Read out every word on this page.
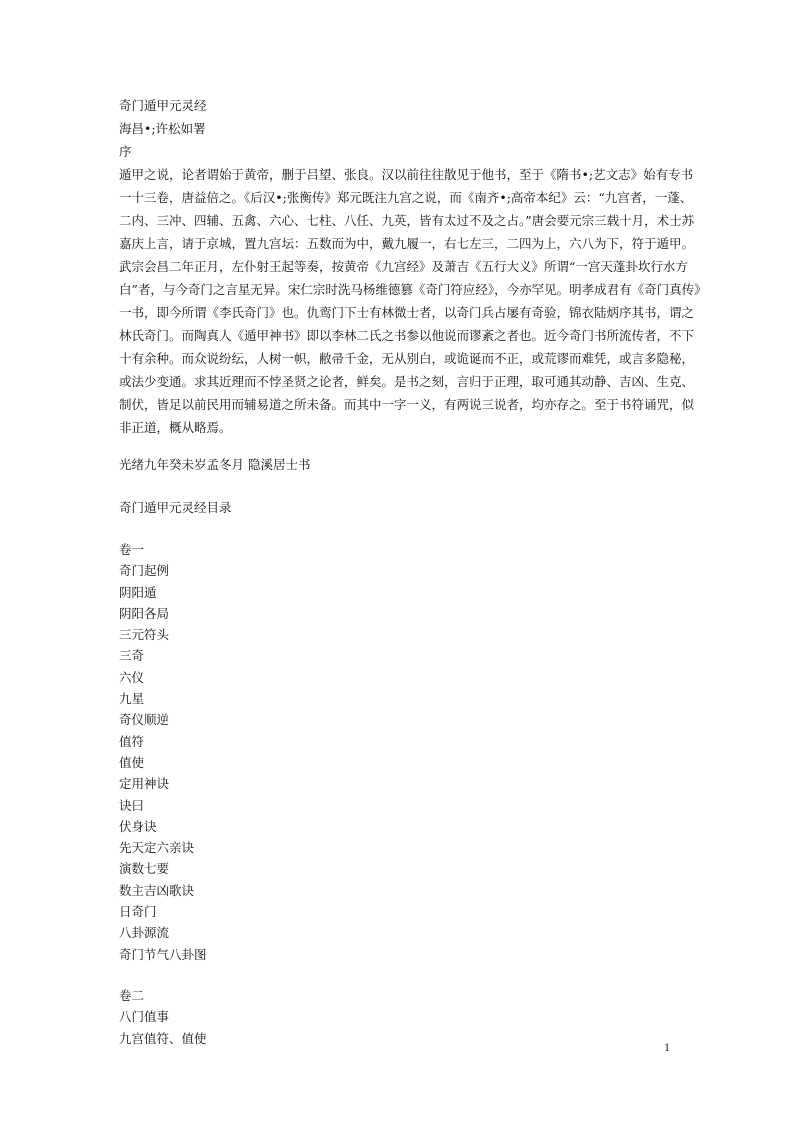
奇门遁甲元灵经
海昌•;许松如署
序
遁甲之说，论者谓始于黄帝，删于吕望、张良。汉以前往往散见于他书，至于《隋书•;艺文志》始有专书
一十三卷，唐益倍之。《后汉•;张衡传》郑元既注九宫之说，而《南齐•;高帝本纪》云：“九宫者，一蓬、
二内、三冲、四辅、五禽、六心、七柱、八任、九英，皆有太过不及之占。”唐会要元宗三载十月，术士苏
嘉庆上言，请于京城，置九宫坛：五数而为中，戴九履一，右七左三，二四为上，六八为下，符于遁甲。
武宗会昌二年正月，左仆射王起等奏，按黄帝《九宫经》及萧吉《五行大义》所谓“一宫天蓬卦坎行水方
白”者，与今奇门之言星无异。宋仁宗时洗马杨维德篡《奇门符应经》，今亦罕见。明孝成君有《奇门真传》
一书，即今所谓《李氏奇门》也。仇鸾门下士有林微士者，以奇门兵占屡有奇验，锦衣陆炳序其书，谓之
林氏奇门。而陶真人《遁甲神书》即以李林二氏之书参以他说而谬紊之者也。近今奇门书所流传者，不下
十有余种。而众说纷纭，人树一帜，敝帚千金，无从别白，或诡诞而不正，或荒谬而难凭，或言多隐秘，
或法少变通。求其近理而不悖圣贤之论者，鲜矣。是书之刻，言归于正理，取可通其动静、吉凶、生克、
制伏，皆足以前民用而辅易道之所未备。而其中一字一义，有两说三说者，均亦存之。至于书符诵咒，似
非正道，概从略焉。
光绪九年癸未岁孟冬月 隐溪居士书
奇门遁甲元灵经目录
卷一
奇门起例
阴阳遁
阴阳各局
三元符头
三奇
六仪
九星
奇仪顺逆
值符
值使
定用神诀
诀曰
伏身诀
先天定六亲诀
演数七要
数主吉凶歌诀
日奇门
八卦源流
奇门节气八卦图
卷二
八门值事
九宫值符、值使
1
